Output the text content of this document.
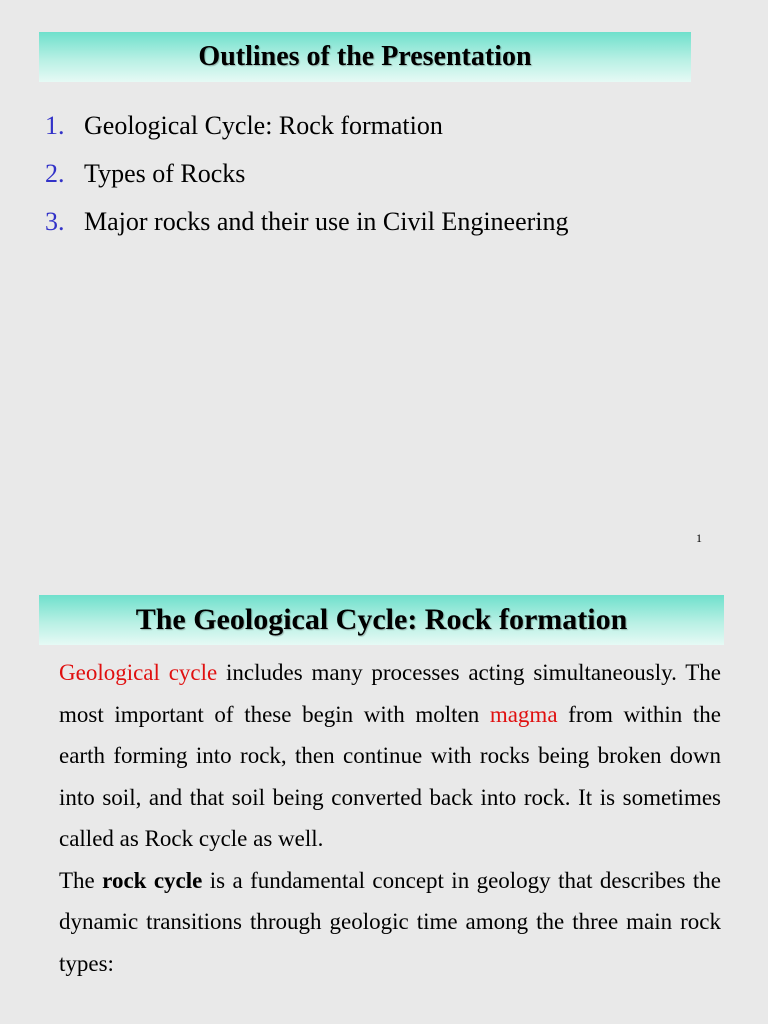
Outlines of the Presentation
1. Geological Cycle: Rock formation
2. Types of Rocks
3. Major rocks and their use in Civil Engineering
1
The Geological Cycle: Rock formation

Geological cycle includes many processes acting simultaneously. The most important of these begin with molten magma from within the earth forming into rock, then continue with rocks being broken down into soil, and that soil being converted back into rock. It is sometimes called as Rock cycle as well.

The rock cycle is a fundamental concept in geology that describes the dynamic transitions through geologic time among the three main rock types:
